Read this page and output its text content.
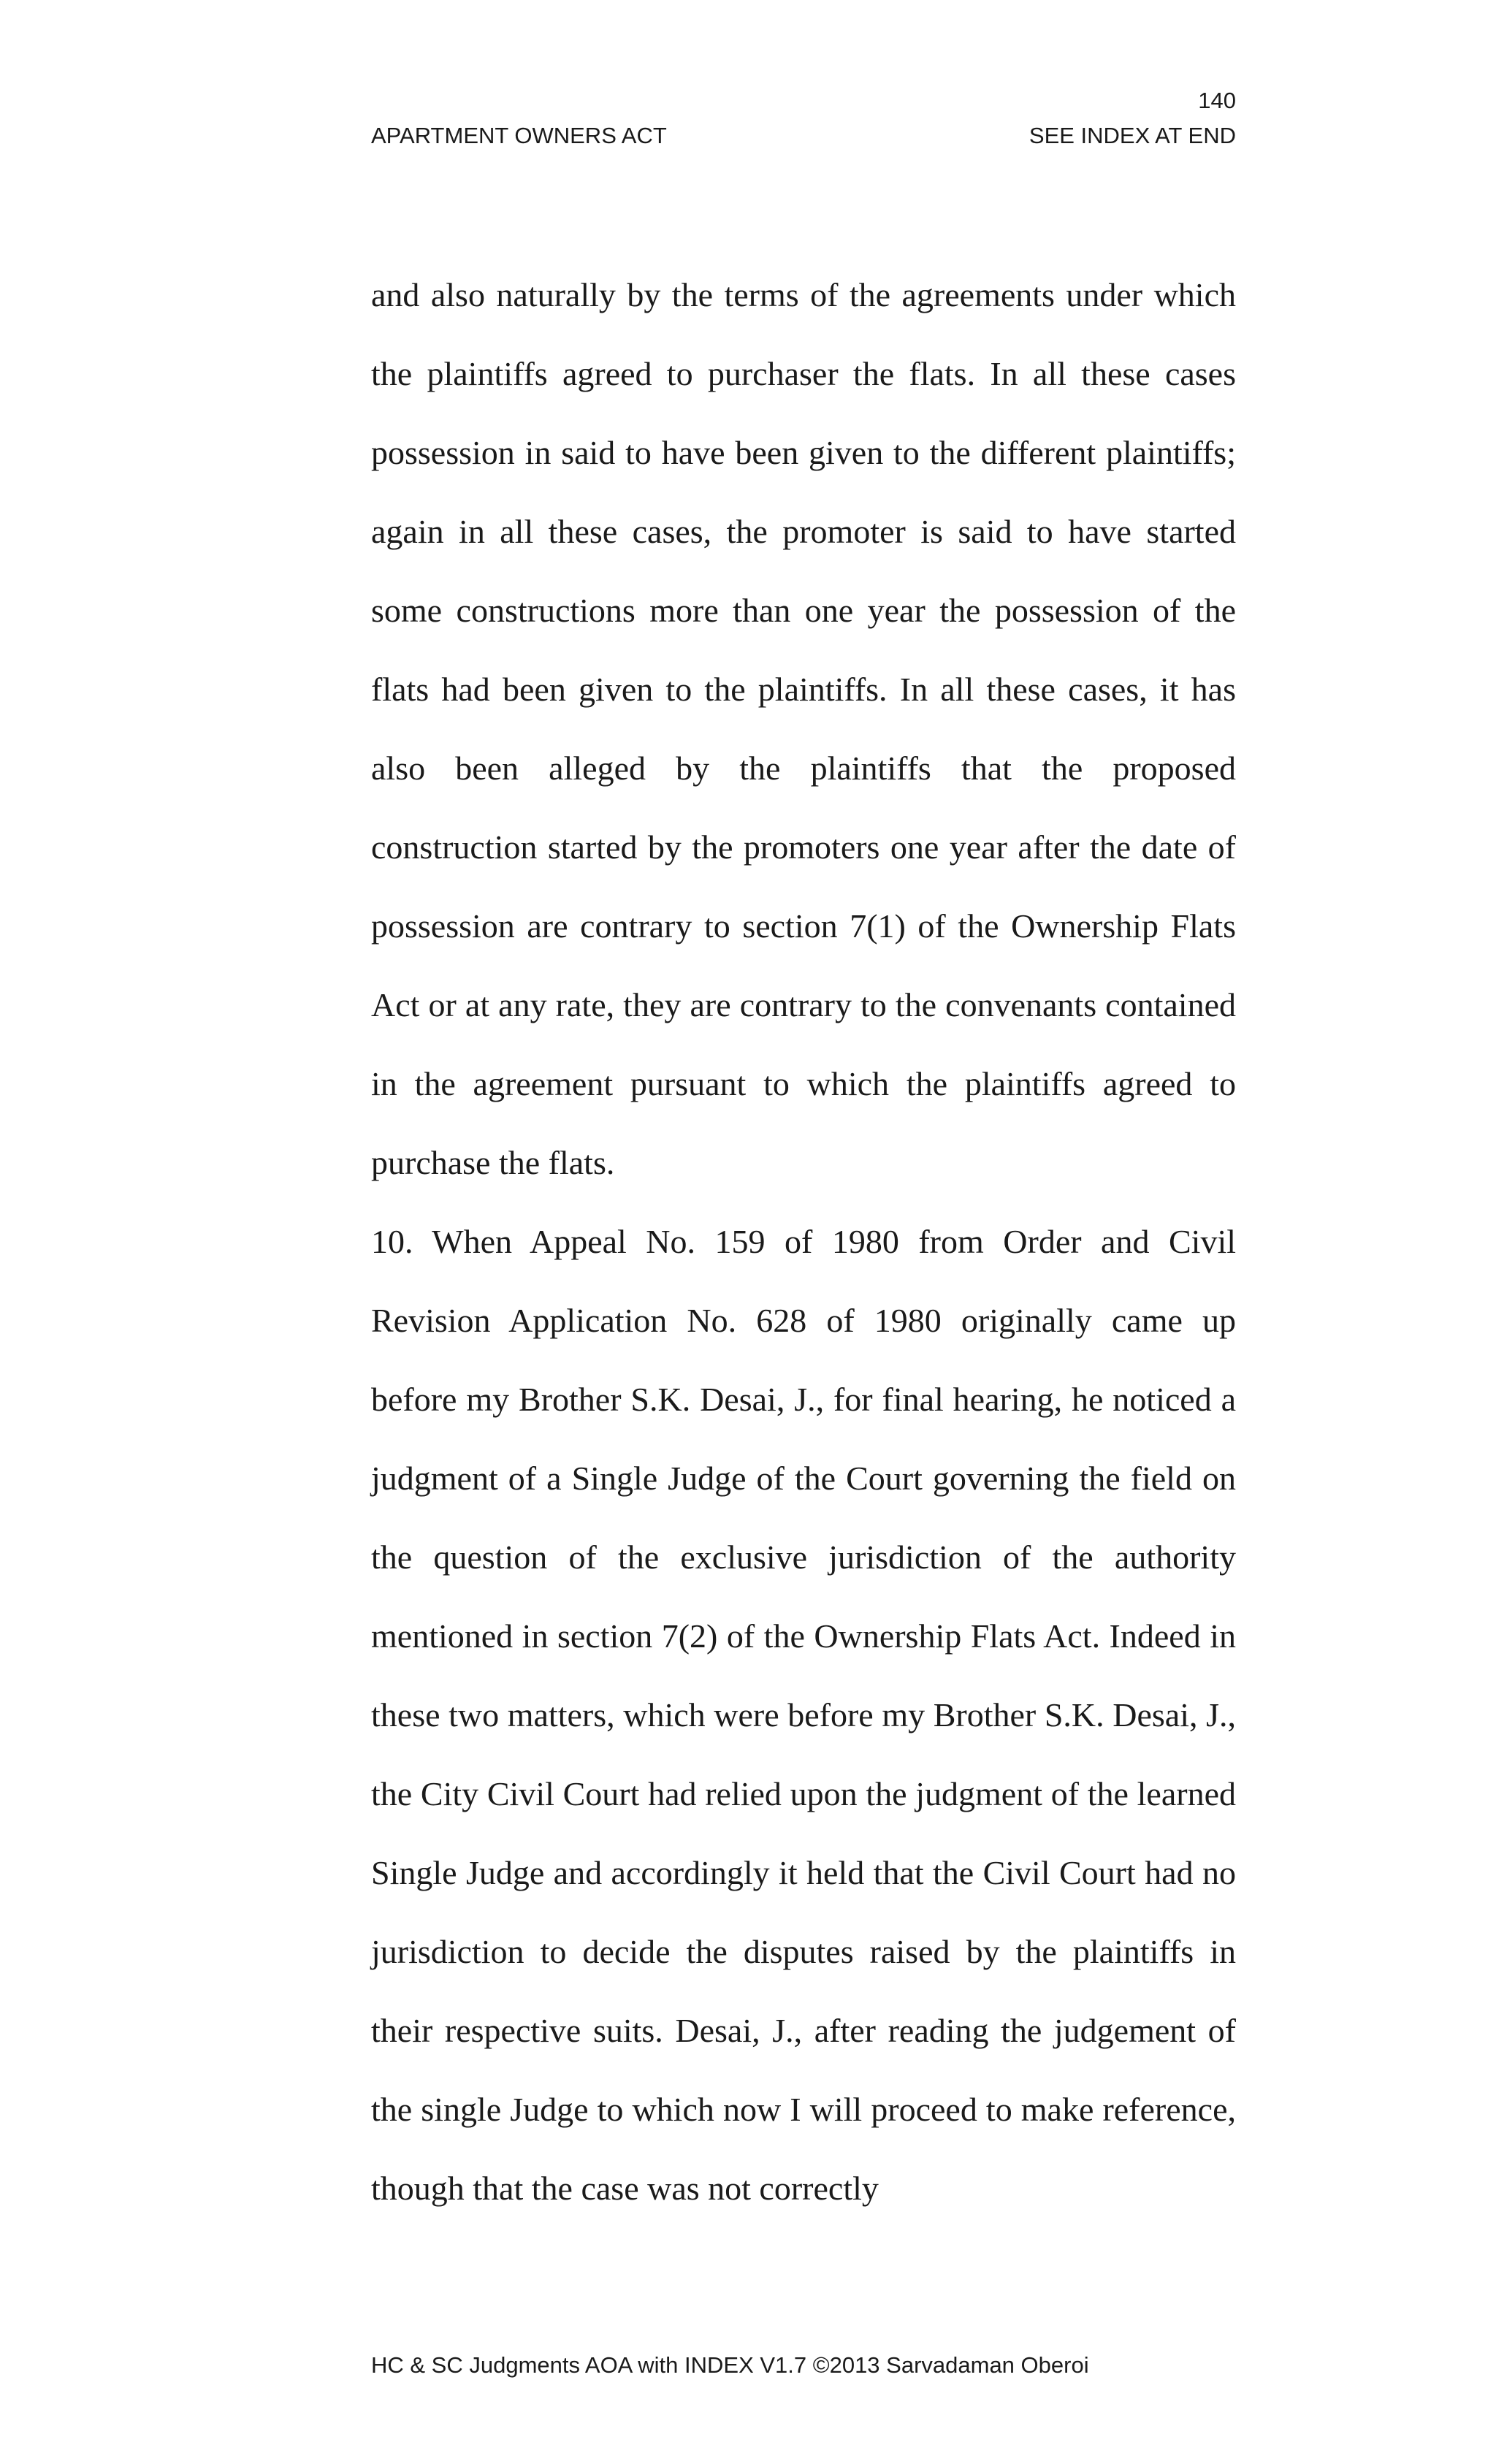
140
APARTMENT OWNERS ACT	SEE INDEX AT END

and also naturally by the terms of the agreements under which the plaintiffs agreed to purchaser the flats. In all these cases possession in said to have been given to the different plaintiffs; again in all these cases, the promoter is said to have started some constructions more than one year the possession of the flats had been given to the plaintiffs. In all these cases, it has also been alleged by the plaintiffs that the proposed construction started by the promoters one year after the date of possession are contrary to section 7(1) of the Ownership Flats Act or at any rate, they are contrary to the convenants contained in the agreement pursuant to which the plaintiffs agreed to purchase the flats.

10. When Appeal No. 159 of 1980 from Order and Civil Revision Application No. 628 of 1980 originally came up before my Brother S.K. Desai, J., for final hearing, he noticed a judgment of a Single Judge of the Court governing the field on the question of the exclusive jurisdiction of the authority mentioned in section 7(2) of the Ownership Flats Act. Indeed in these two matters, which were before my Brother S.K. Desai, J., the City Civil Court had relied upon the judgment of the learned Single Judge and accordingly it held that the Civil Court had no jurisdiction to decide the disputes raised by the plaintiffs in their respective suits. Desai, J., after reading the judgement of the single Judge to which now I will proceed to make reference, though that the case was not correctly

HC & SC Judgments AOA with INDEX V1.7 ©2013 Sarvadaman Oberoi
